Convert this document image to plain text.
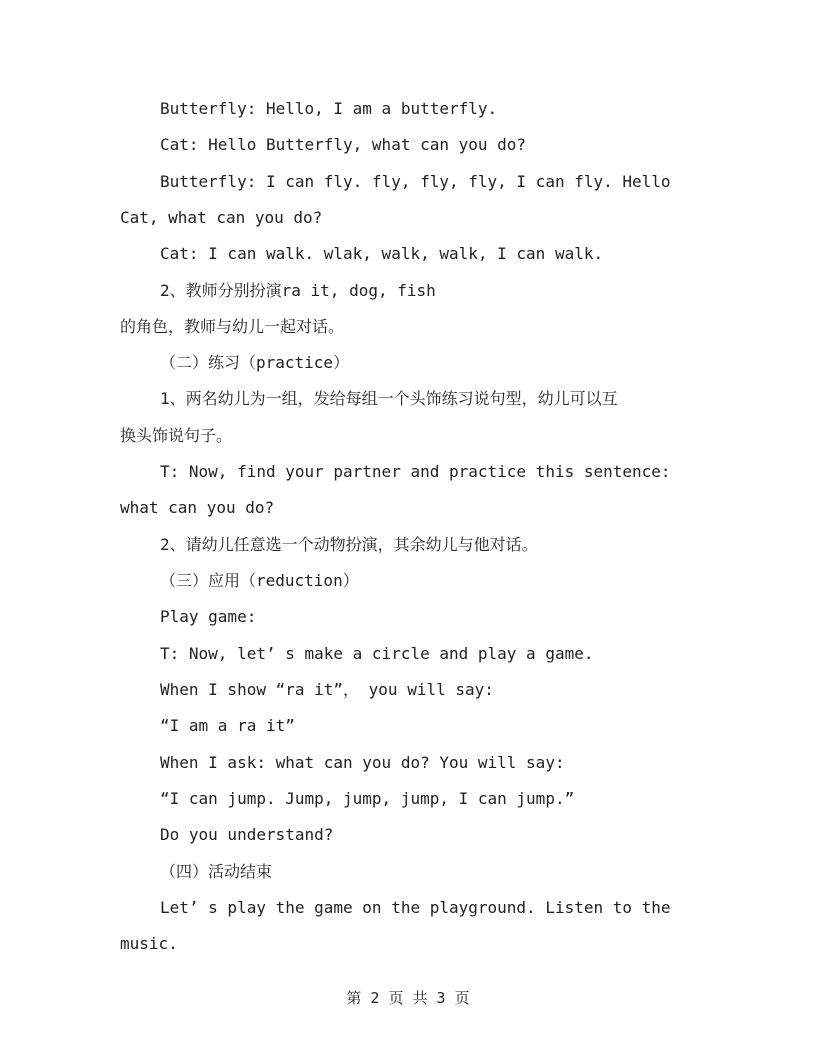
Butterfly: Hello, I am a butterfly.
Cat: Hello Butterfly, what can you do?
Butterfly: I can fly. fly, fly, fly, I can fly. Hello
Cat, what can you do?
Cat: I can walk. wlak, walk, walk, I can walk.
2、教师分别扮演ra it, dog, fish
的角色，教师与幼儿一起对话。
（二）练习（practice）
1、两名幼儿为一组，发给每组一个头饰练习说句型，幼儿可以互
换头饰说句子。
T: Now, find your partner and practice this sentence:
what can you do?
2、请幼儿任意选一个动物扮演，其余幼儿与他对话。
（三）应用（reduction）
Play game:
T: Now, let’ s make a circle and play a game.
When I show “ra it”， you will say:
“I am a ra it”
When I ask: what can you do? You will say:
“I can jump. Jump, jump, jump, I can jump.”
Do you understand?
（四）活动结束
Let’ s play the game on the playground. Listen to the
music.
第 2 页 共 3 页
